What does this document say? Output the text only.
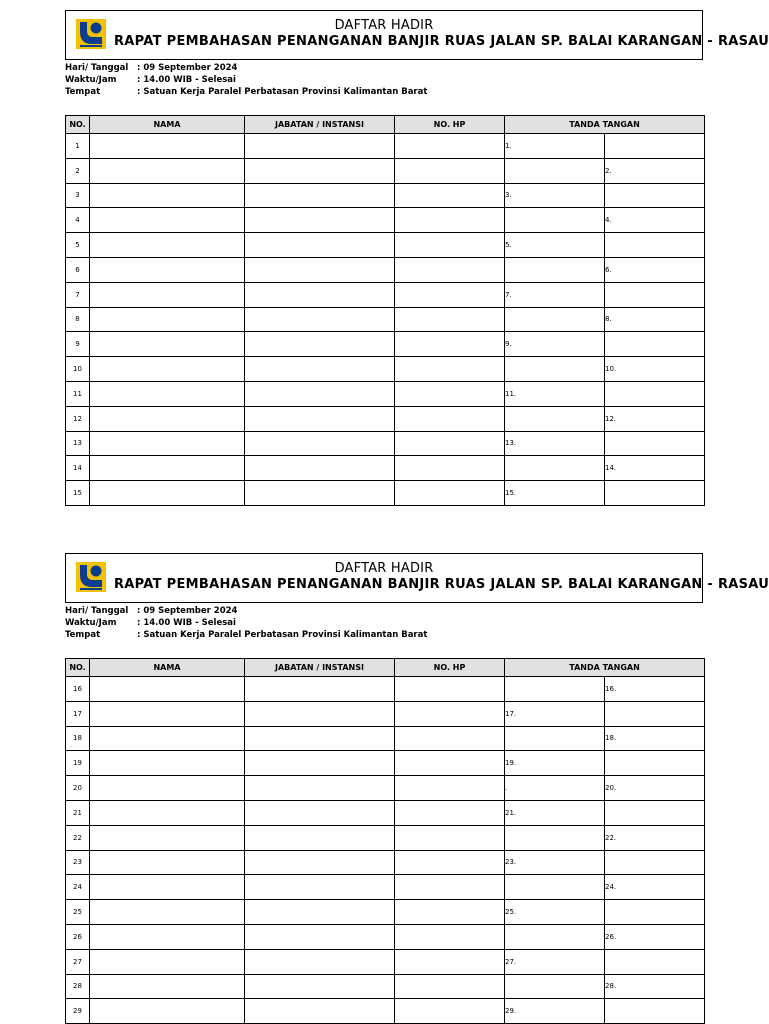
DAFTAR HADIR
RAPAT PEMBAHASAN PENANGANAN BANJIR RUAS JALAN SP. BALAI KARANGAN - RASAU
Hari/ Tanggal : 09 September 2024
Waktu/Jam : 14.00 WIB - Selesai
Tempat	: Satuan Kerja Paralel Perbatasan Provinsi Kalimantan Barat
NO.	NAMA	JABATAN / INSTANSI	NO. HP	TANDA TANGAN	
1				1.	
2					2.
3				3.	
4					4.
5				5.	
6					6.
7				7.	
8					8.
9				9.	
10					10.
11				11.	
12					12.
13				13.	
14					14.
15				15.	
DAFTAR HADIR
RAPAT PEMBAHASAN PENANGANAN BANJIR RUAS JALAN SP. BALAI KARANGAN - RASAU
Hari/ Tanggal : 09 September 2024
Waktu/Jam : 14.00 WIB - Selesai
Tempat	: Satuan Kerja Paralel Perbatasan Provinsi Kalimantan Barat
NO.	NAMA	JABATAN / INSTANSI	NO. HP	TANDA TANGAN	
16					16.
17				17.	
18					18.
19				19.	
20				.	20.
21				21.	
22					22.
23				23.	
24					24.
25				25.	
26					26.
27				27.	
28					28.
29				29.	
